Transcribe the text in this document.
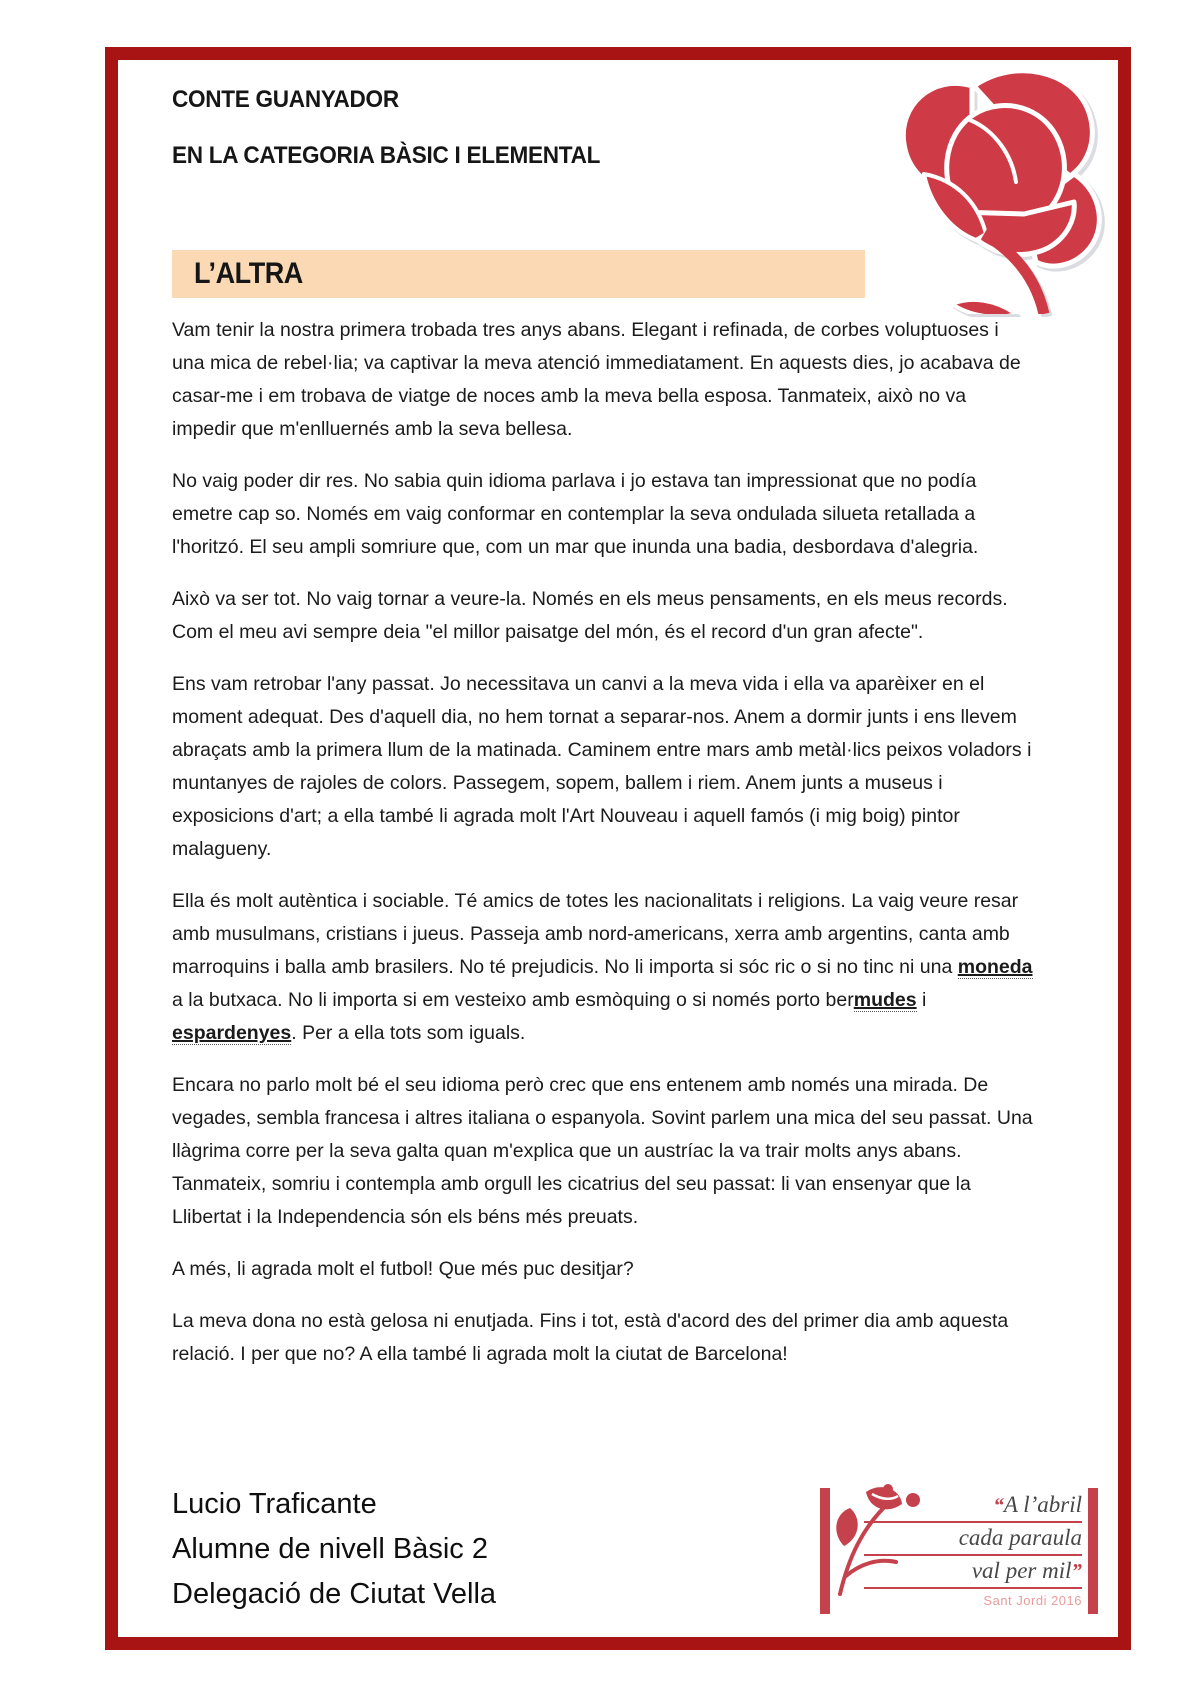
CONTE GUANYADOR
EN LA CATEGORIA BÀSIC I ELEMENTAL
L’ALTRA

Vam tenir la nostra primera trobada tres anys abans. Elegant i refinada, de corbes voluptuoses i una mica de rebel·lia; va captivar la meva atenció immediatament. En aquests dies, jo acabava de casar-me i em trobava de viatge de noces amb la meva bella esposa. Tanmateix, això no va impedir que m'enlluernés amb la seva bellesa.

No vaig poder dir res. No sabia quin idioma parlava i jo estava tan impressionat que no podía emetre cap so. Només em vaig conformar en contemplar la seva ondulada silueta retallada a l'horitzó. El seu ampli somriure que, com un mar que inunda una badia, desbordava d'alegria.

Això va ser tot. No vaig tornar a veure-la. Només en els meus pensaments, en els meus records. Com el meu avi sempre deia "el millor paisatge del món, és el record d'un gran afecte".

Ens vam retrobar l'any passat. Jo necessitava un canvi a la meva vida i ella va aparèixer en el moment adequat. Des d'aquell dia, no hem tornat a separar-nos. Anem a dormir junts i ens llevem abraçats amb la primera llum de la matinada. Caminem entre mars amb metàl·lics peixos voladors i muntanyes de rajoles de colors. Passegem, sopem, ballem i riem. Anem junts a museus i exposicions d'art; a ella també li agrada molt l'Art Nouveau i aquell famós (i mig boig) pintor malagueny.

Ella és molt autèntica i sociable. Té amics de totes les nacionalitats i religions. La vaig veure resar amb musulmans, cristians i jueus. Passeja amb nord-americans, xerra amb argentins, canta amb marroquins i balla amb brasilers. No té prejudicis. No li importa si sóc ric o si no tinc ni una moneda a la butxaca. No li importa si em vesteixo amb esmòquing o si només porto bermudes i espardenyes. Per a ella tots som iguals.

Encara no parlo molt bé el seu idioma però crec que ens entenem amb només una mirada. De vegades, sembla francesa i altres italiana o espanyola. Sovint parlem una mica del seu passat. Una llàgrima corre per la seva galta quan m'explica que un austríac la va trair molts anys abans. Tanmateix, somriu i contempla amb orgull les cicatrius del seu passat: li van ensenyar que la Llibertat i la Independencia són els béns més preuats.

A més, li agrada molt el futbol! Que més puc desitjar?

La meva dona no està gelosa ni enutjada. Fins i tot, està d'acord des del primer dia amb aquesta relació. I per que no? A ella també li agrada molt la ciutat de Barcelona!

Lucio Traficante
Alumne de nivell Bàsic 2
Delegació de Ciutat Vella
“A l’abril
cada paraula
val per mil”
Sant Jordi 2016
